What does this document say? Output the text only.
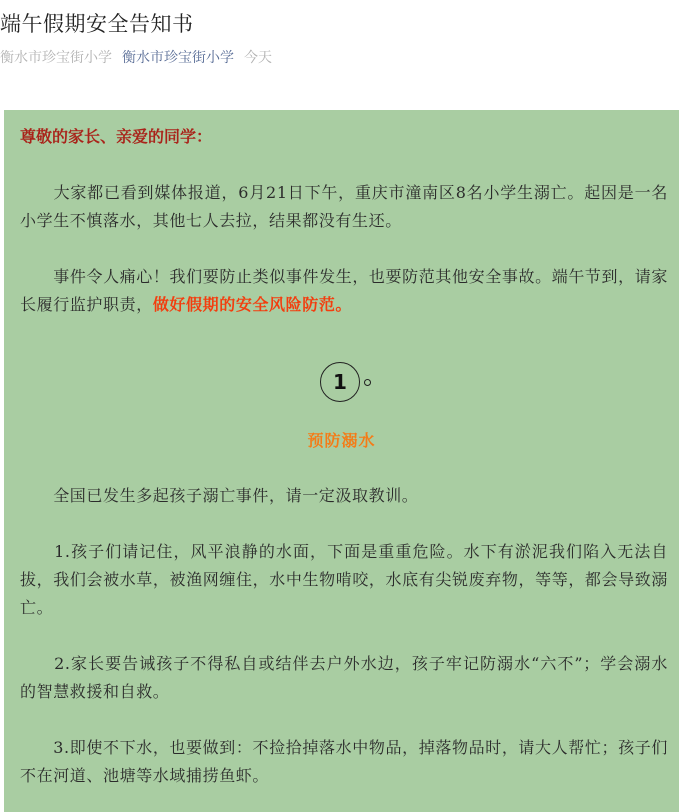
端午假期安全告知书
衡水市珍宝街小学 衡水市珍宝街小学 今天

尊敬的家长、亲爱的同学：

　　大家都已看到媒体报道，6月21日下午，重庆市潼南区8名小学生溺亡。起因是一名小学生不慎落水，其他七人去拉，结果都没有生还。

　　事件令人痛心！我们要防止类似事件发生，也要防范其他安全事故。端午节到，请家长履行监护职责，做好假期的安全风险防范。

1
预防溺水

　　全国已发生多起孩子溺亡事件，请一定汲取教训。

　　1.孩子们请记住，风平浪静的水面，下面是重重危险。水下有淤泥我们陷入无法自拔，我们会被水草，被渔网缠住，水中生物啃咬，水底有尖锐废弃物，等等，都会导致溺亡。

　　2.家长要告诫孩子不得私自或结伴去户外水边，孩子牢记防溺水“六不”；学会溺水的智慧救援和自救。

　　3.即使不下水，也要做到：不捡拾掉落水中物品，掉落物品时，请大人帮忙；孩子们不在河道、池塘等水域捕捞鱼虾。
